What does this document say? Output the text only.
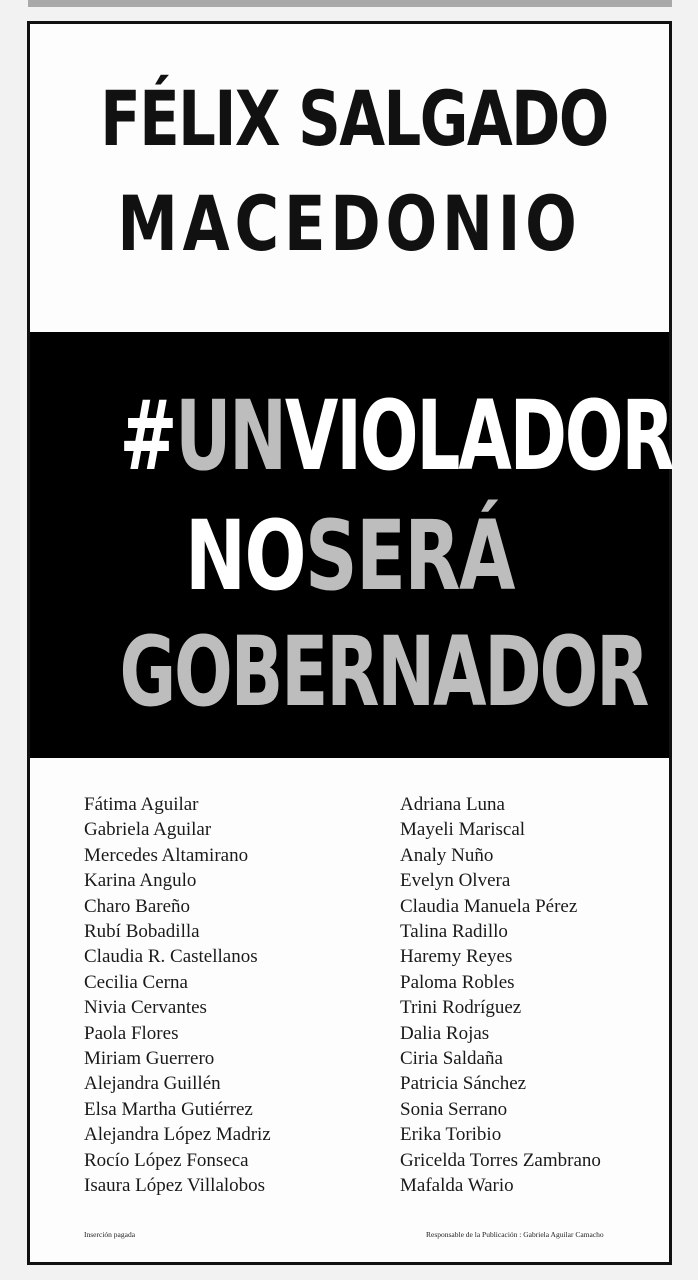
FÉLIX SALGADO
MACEDONIO
#UNVIOLADOR
NOSERÁ
GOBERNADOR
Fátima Aguilar
Gabriela Aguilar
Mercedes Altamirano
Karina Angulo
Charo Bareño
Rubí Bobadilla
Claudia R. Castellanos
Cecilia Cerna
Nivia Cervantes
Paola Flores
Miriam Guerrero
Alejandra Guillén
Elsa Martha Gutiérrez
Alejandra López Madriz
Rocío López Fonseca
Isaura López Villalobos
Adriana Luna
Mayeli Mariscal
Analy Nuño
Evelyn Olvera
Claudia Manuela Pérez
Talina Radillo
Haremy Reyes
Paloma Robles
Trini Rodríguez
Dalia Rojas
Ciria Saldaña
Patricia Sánchez
Sonia Serrano
Erika Toribio
Gricelda Torres Zambrano
Mafalda Wario
Inserción pagada	Responsable de la Publicación : Gabriela Aguilar Camacho
